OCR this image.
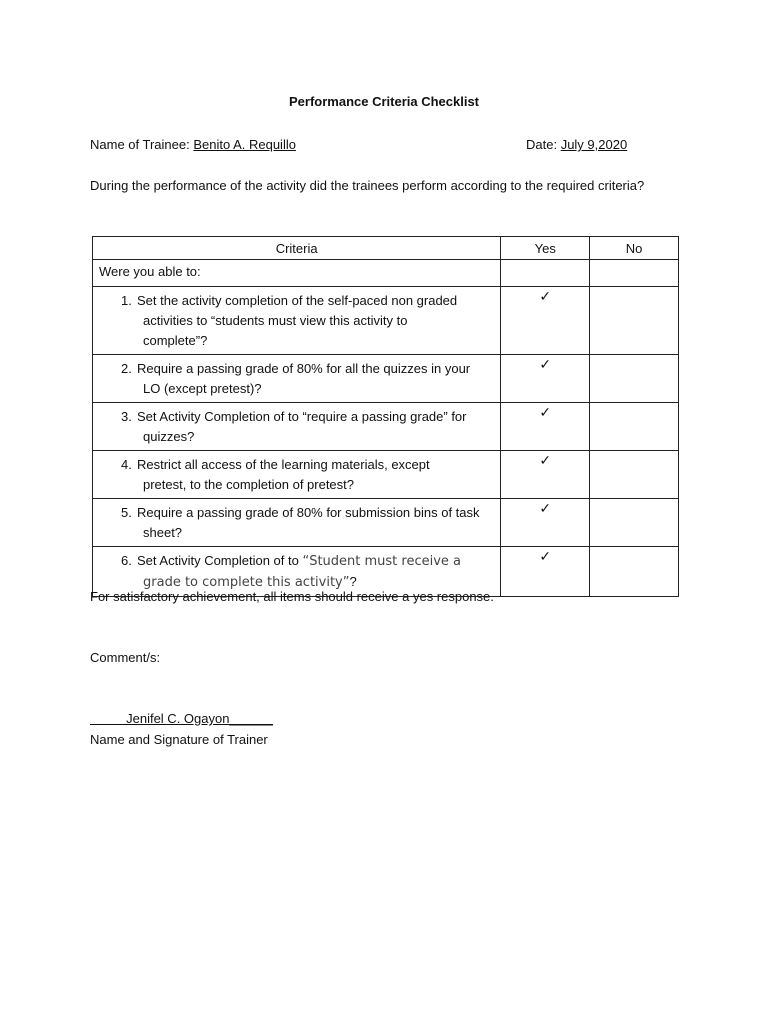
Performance Criteria Checklist
Name of Trainee: Benito A. Requillo	Date: July 9,2020
During the performance of the activity did the trainees perform according to the required criteria?
Criteria	Yes	No
Were you able to:		
1. Set the activity completion of the self-paced non graded

activities to “students must view this activity to
complete”?	✓	
2. Require a passing grade of 80% for all the quizzes in your

LO (except pretest)?	✓	
3. Set Activity Completion of to “require a passing grade” for

quizzes?	✓	
4. Restrict all access of the learning materials, except

pretest, to the completion of pretest?	✓	
5. Require a passing grade of 80% for submission bins of task

sheet?	✓	
6. Set Activity Completion of to “Student must receive a

grade to complete this activity”?	✓	
For satisfactory achievement, all items should receive a yes response.
Comment/s:
Jenifel C. Ogayon______
Name and Signature of Trainer
